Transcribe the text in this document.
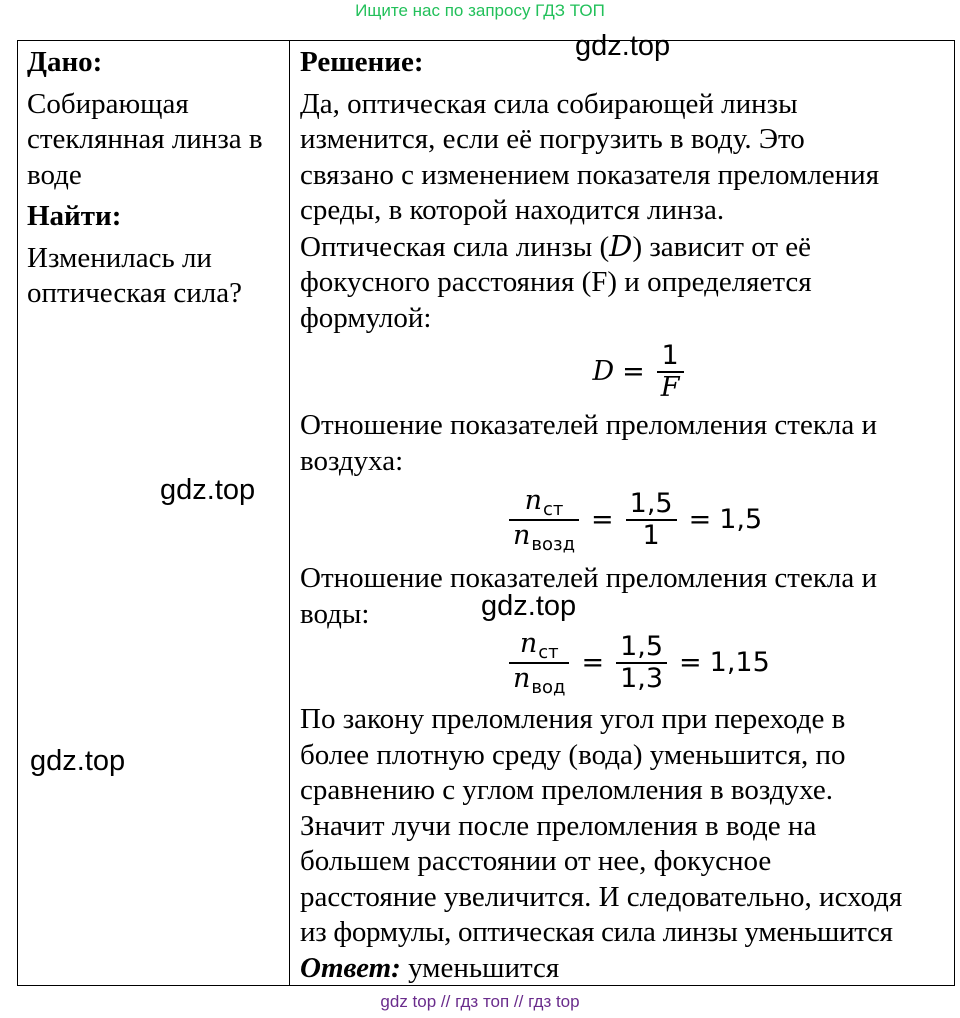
Ищите нас по запросу ГДЗ ТОП

Дано:

Собирающая

стеклянная линза в

воде

Найти:

Изменилась ли

оптическая сила?

Решение:

Да, оптическая сила собирающей линзы

изменится, если её погрузить в воду. Это

связано с изменением показателя преломления

среды, в которой находится линза.

Оптическая сила линзы (D) зависит от её

фокусного расстояния (F) и определяется

формулой:

$D = \frac{1}{F}$

Отношение показателей преломления стекла и

воздуха:

$\frac{\text{n ст}}{\text{n возд}} = \frac{1,5}{1} = 1,5$

Отношение показателей преломления стекла и

воды:

$\frac{\text{n ст}}{\text{n вод}} = \frac{1,5}{1,3} = 1,15$

По закону преломления угол при переходе в

более плотную среду (вода) уменьшится, по

сравнению с углом преломления в воздухе.

Значит лучи после преломления в воде на

большем расстоянии от нее, фокусное

расстояние увеличится. И следовательно, исходя

из формулы, оптическая сила линзы уменьшится

Ответ: уменьшится

gdz.top
gdz.top
gdz.top
gdz.top
gdz top // гдз топ // гдз top
